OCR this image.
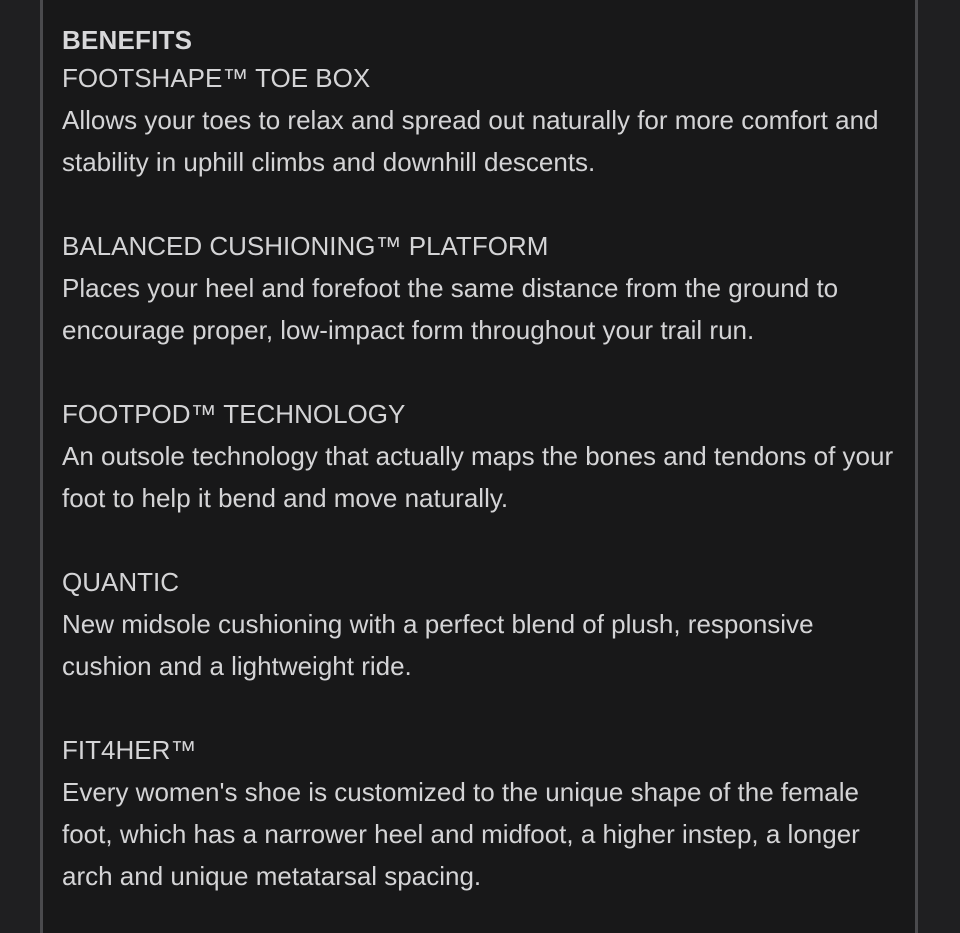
BENEFITS
FOOTSHAPE™ TOE BOX
Allows your toes to relax and spread out naturally for more comfort and stability in uphill climbs and downhill descents.
BALANCED CUSHIONING™ PLATFORM
Places your heel and forefoot the same distance from the ground to encourage proper, low-impact form throughout your trail run.
FOOTPOD™ TECHNOLOGY
An outsole technology that actually maps the bones and tendons of your foot to help it bend and move naturally.
QUANTIC
New midsole cushioning with a perfect blend of plush, responsive cushion and a lightweight ride.
FIT4HER™
Every women's shoe is customized to the unique shape of the female foot, which has a narrower heel and midfoot, a higher instep, a longer arch and unique metatarsal spacing.
